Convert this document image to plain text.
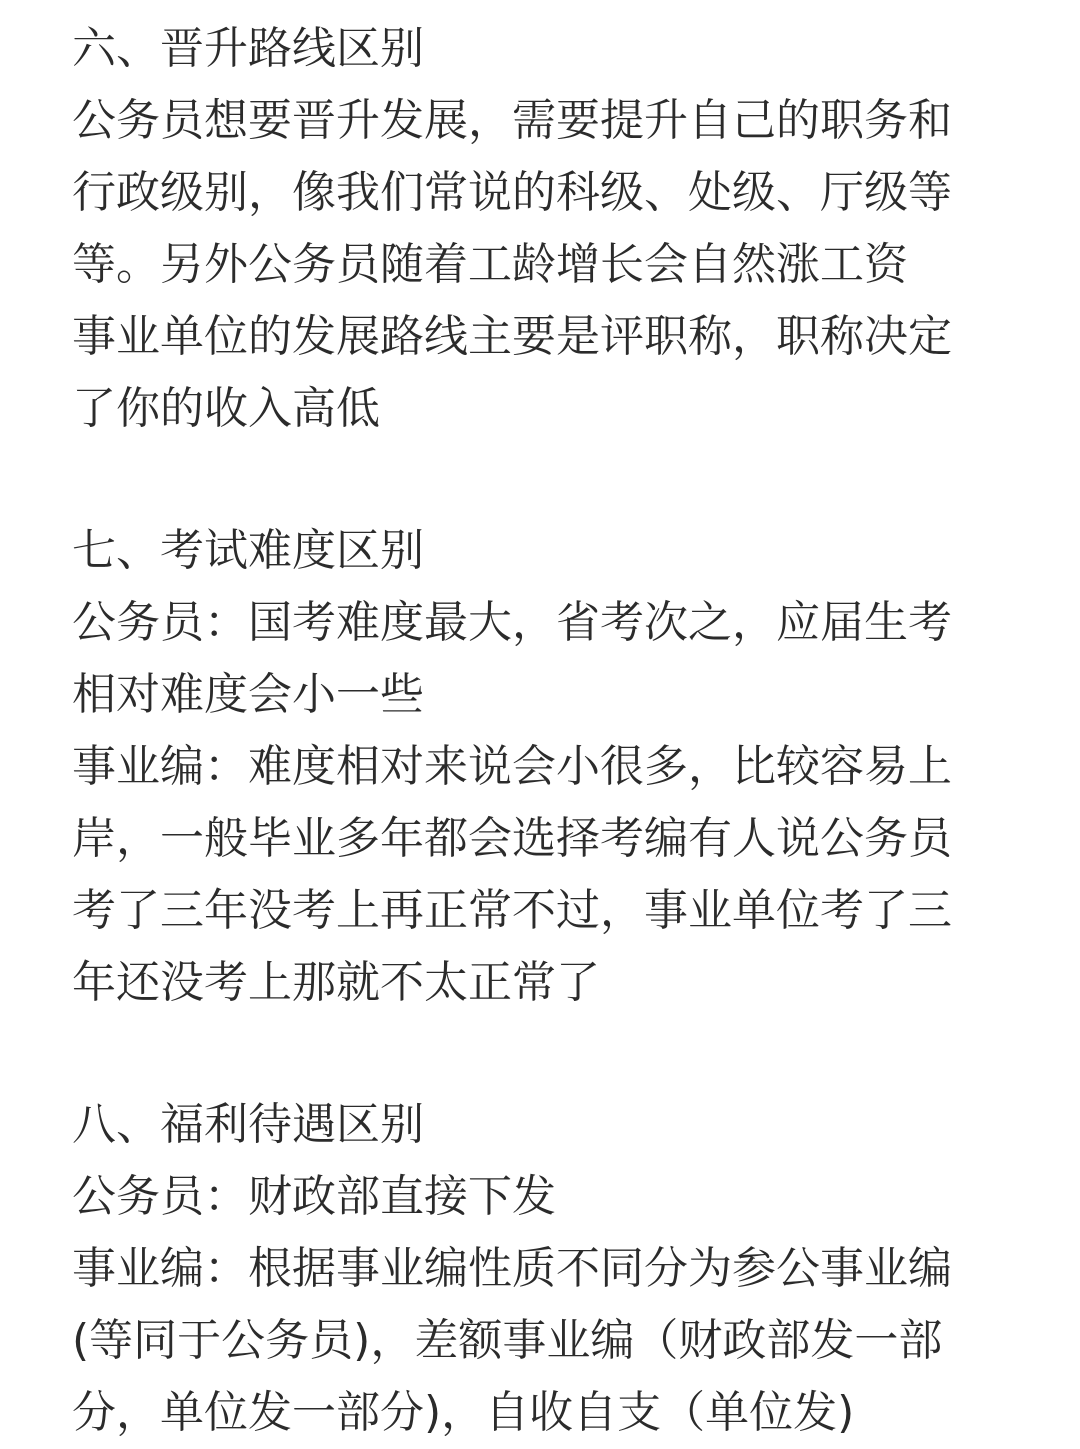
六、晋升路线区别
公务员想要晋升发展，需要提升自己的职务和
行政级别，像我们常说的科级、处级、厅级等
等。另外公务员随着工龄增长会自然涨工资
事业单位的发展路线主要是评职称，职称决定
了你的收入高低
七、考试难度区别
公务员：国考难度最大，省考次之，应届生考
相对难度会小一些
事业编：难度相对来说会小很多，比较容易上
岸，一般毕业多年都会选择考编有人说公务员
考了三年没考上再正常不过，事业单位考了三
年还没考上那就不太正常了
八、福利待遇区别
公务员：财政部直接下发
事业编：根据事业编性质不同分为参公事业编
(等同于公务员)，差额事业编（财政部发一部
分，单位发一部分)，自收自支（单位发)
